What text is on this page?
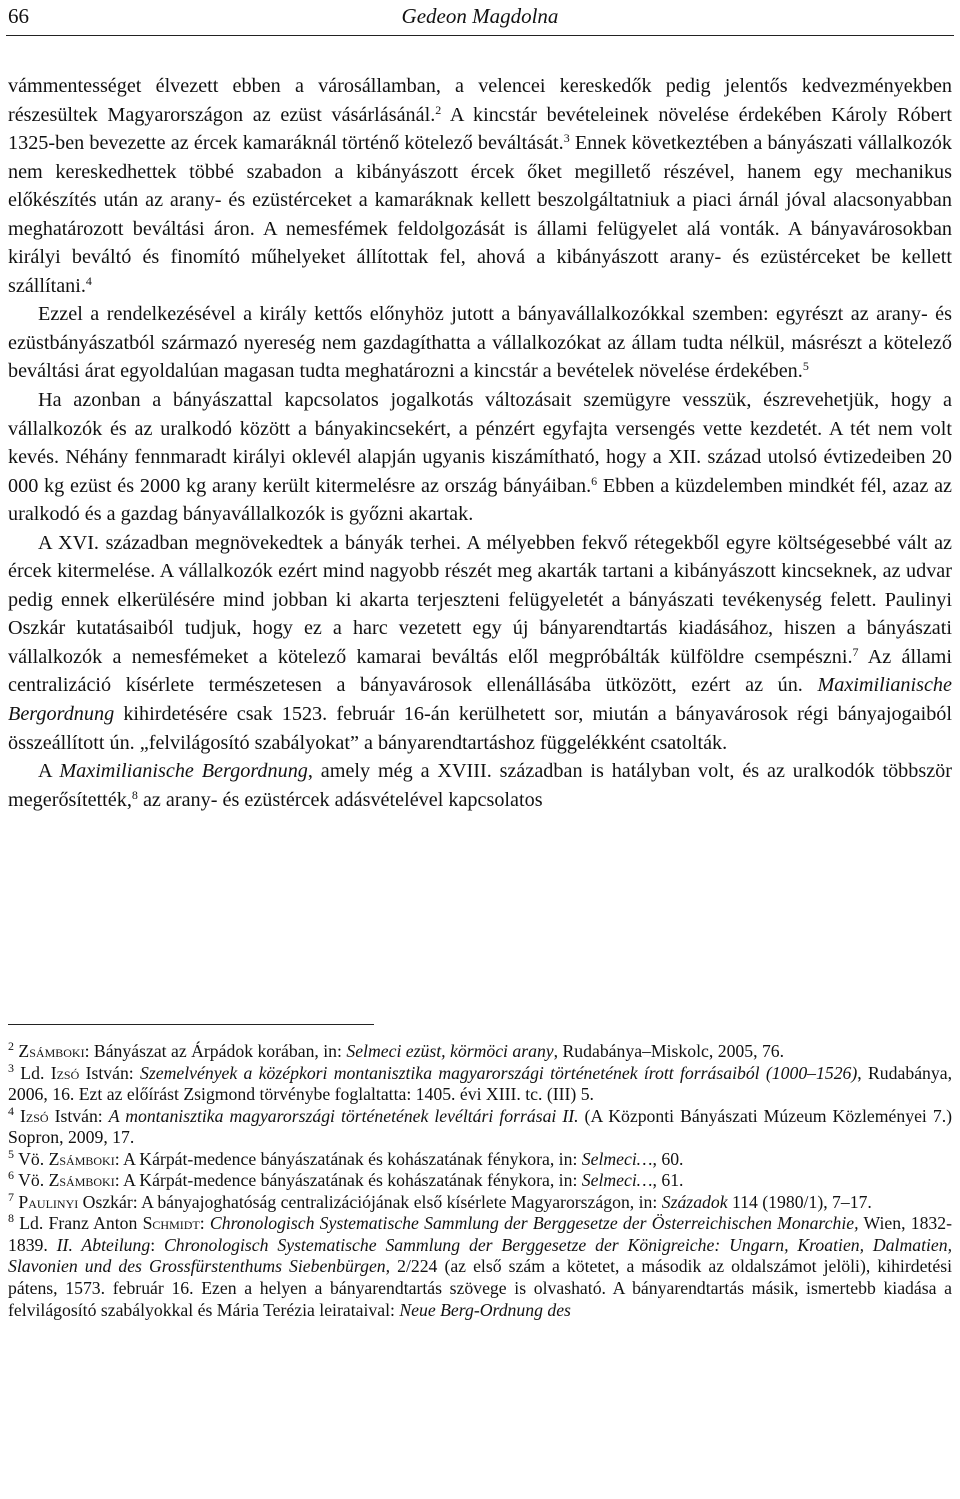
66	Gedeon Magdolna

vámmentességet élvezett ebben a városállamban, a velencei kereskedők pedig jelentős kedvezményekben részesültek Magyarországon az ezüst vásárlásánál.$^2$ A kincstár bevételeinek növelése érdekében Károly Róbert 1325-ben bevezette az ércek kamaráknál történő kötelező beváltását.$^3$ Ennek következtében a bányászati vállalkozók nem kereskedhettek többé szabadon a kibányászott ércek őket megillető részével, hanem egy mechanikus előkészítés után az arany- és ezüstérceket a kamaráknak kellett beszolgáltatniuk a piaci árnál jóval alacsonyabban meghatározott beváltási áron. A nemesfémek feldolgozását is állami felügyelet alá vonták. A bányavárosokban királyi beváltó és finomító műhelyeket állítottak fel, ahová a kibányászott arany- és ezüstérceket be kellett szállítani.$^4$

Ezzel a rendelkezésével a király kettős előnyhöz jutott a bányavállalkozókkal szemben: egyrészt az arany- és ezüstbányászatból származó nyereség nem gazdagíthatta a vállalkozókat az állam tudta nélkül, másrészt a kötelező beváltási árat egyoldalúan magasan tudta meghatározni a kincstár a bevételek növelése érdekében.$^5$

Ha azonban a bányászattal kapcsolatos jogalkotás változásait szemügyre vesszük, észrevehetjük, hogy a vállalkozók és az uralkodó között a bányakincsekért, a pénzért egyfajta versengés vette kezdetét. A tét nem volt kevés. Néhány fennmaradt királyi oklevél alapján ugyanis kiszámítható, hogy a XII. század utolsó évtizedeiben 20 000 kg ezüst és 2000 kg arany került kitermelésre az ország bányáiban.$^6$ Ebben a küzdelemben mindkét fél, azaz az uralkodó és a gazdag bányavállalkozók is győzni akartak.

A XVI. században megnövekedtek a bányák terhei. A mélyebben fekvő rétegekből egyre költségesebbé vált az ércek kitermelése. A vállalkozók ezért mind nagyobb részét meg akarták tartani a kibányászott kincseknek, az udvar pedig ennek elkerülésére mind jobban ki akarta terjeszteni felügyeletét a bányászati tevékenység felett. Paulinyi Oszkár kutatásaiból tudjuk, hogy ez a harc vezetett egy új bányarendtartás kiadásához, hiszen a bányászati vállalkozók a nemesfémeket a kötelező kamarai beváltás elől megpróbálták külföldre csempészni.$^7$ Az állami centralizáció kísérlete természetesen a bányavárosok ellenállásába ütközött, ezért az ún. Maximilianische Bergordnung kihirdetésére csak 1523. február 16-án kerülhetett sor, miután a bányavárosok régi bányajogaiból összeállított ún. „felvilágosító szabályokat” a bányarendtartáshoz függelékként csatolták.

A Maximilianische Bergordnung, amely még a XVIII. században is hatályban volt, és az uralkodók többször megerősítették,$^8$ az arany- és ezüstércek adásvételével kapcsolatos

$^2$ Zsámboki: Bányászat az Árpádok korában, in: Selmeci ezüst, körmöci arany, Rudabánya–Miskolc, 2005, 76.

$^3$ Ld. Izsó István: Szemelvények a középkori montanisztika magyarországi történetének írott forrásaiból (1000–1526), Rudabánya, 2006, 16. Ezt az előírást Zsigmond törvénybe foglaltatta: 1405. évi XIII. tc. (III) 5.

$^4$ Izsó István: A montanisztika magyarországi történetének levéltári forrásai II. (A Központi Bányászati Múzeum Közleményei 7.) Sopron, 2009, 17.

$^5$ Vö. Zsámboki: A Kárpát-medence bányászatának és kohászatának fénykora, in: Selmeci…, 60.

$^6$ Vö. Zsámboki: A Kárpát-medence bányászatának és kohászatának fénykora, in: Selmeci…, 61.

$^7$ Paulinyi Oszkár: A bányajoghatóság centralizációjának első kísérlete Magyarországon, in: Századok 114 (1980/1), 7–17.

$^8$ Ld. Franz Anton Schmidt: Chronologisch Systematische Sammlung der Berggesetze der Österreichischen Monarchie, Wien, 1832-1839. II. Abteilung: Chronologisch Systematische Sammlung der Berggesetze der Königreiche: Ungarn, Kroatien, Dalmatien, Slavonien und des Grossfürstenthums Siebenbürgen, 2/224 (az első szám a kötetet, a második az oldalszámot jelöli), kihirdetési pátens, 1573. február 16. Ezen a helyen a bányarendtartás szövege is olvasható. A bányarendtartás másik, ismertebb kiadása a felvilágosító szabályokkal és Mária Terézia leirataival: Neue Berg-Ordnung des
